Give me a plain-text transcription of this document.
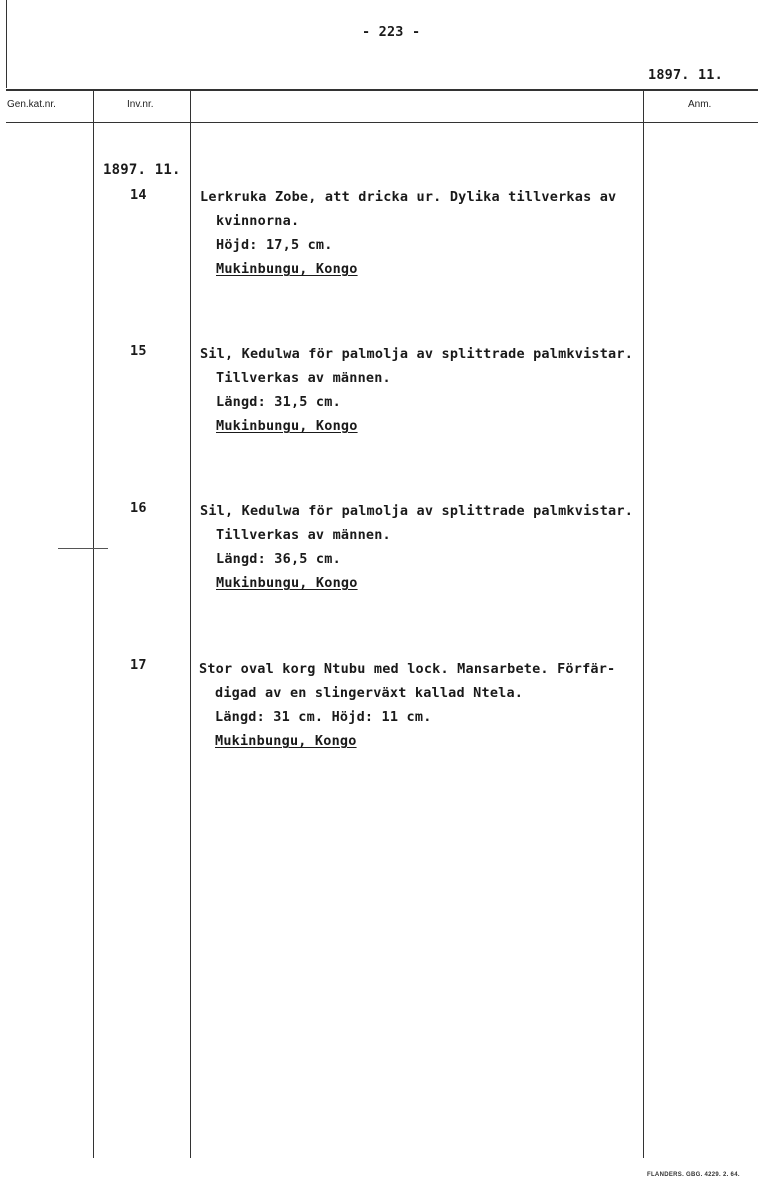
- 223 -
1897. 11.
Gen.kat.nr.	Inv.nr.	Anm.
1897. 11.
14	Lerkruka Zobe, att dricka ur. Dylika tillverkas av
kvinnorna.
Höjd: 17,5 cm.
Mukinbungu, Kongo
15	Sil, Kedulwa för palmolja av splittrade palmkvistar.
Tillverkas av männen.
Längd: 31,5 cm.
Mukinbungu, Kongo
16	Sil, Kedulwa för palmolja av splittrade palmkvistar.
Tillverkas av männen.
Längd: 36,5 cm.
Mukinbungu, Kongo
17	Stor oval korg Ntubu med lock. Mansarbete. Förfär-
digad av en slingerväxt kallad Ntela.
Längd: 31 cm. Höjd: 11 cm.
Mukinbungu, Kongo
FLANDERS. GBG. 4229. 2. 64.
